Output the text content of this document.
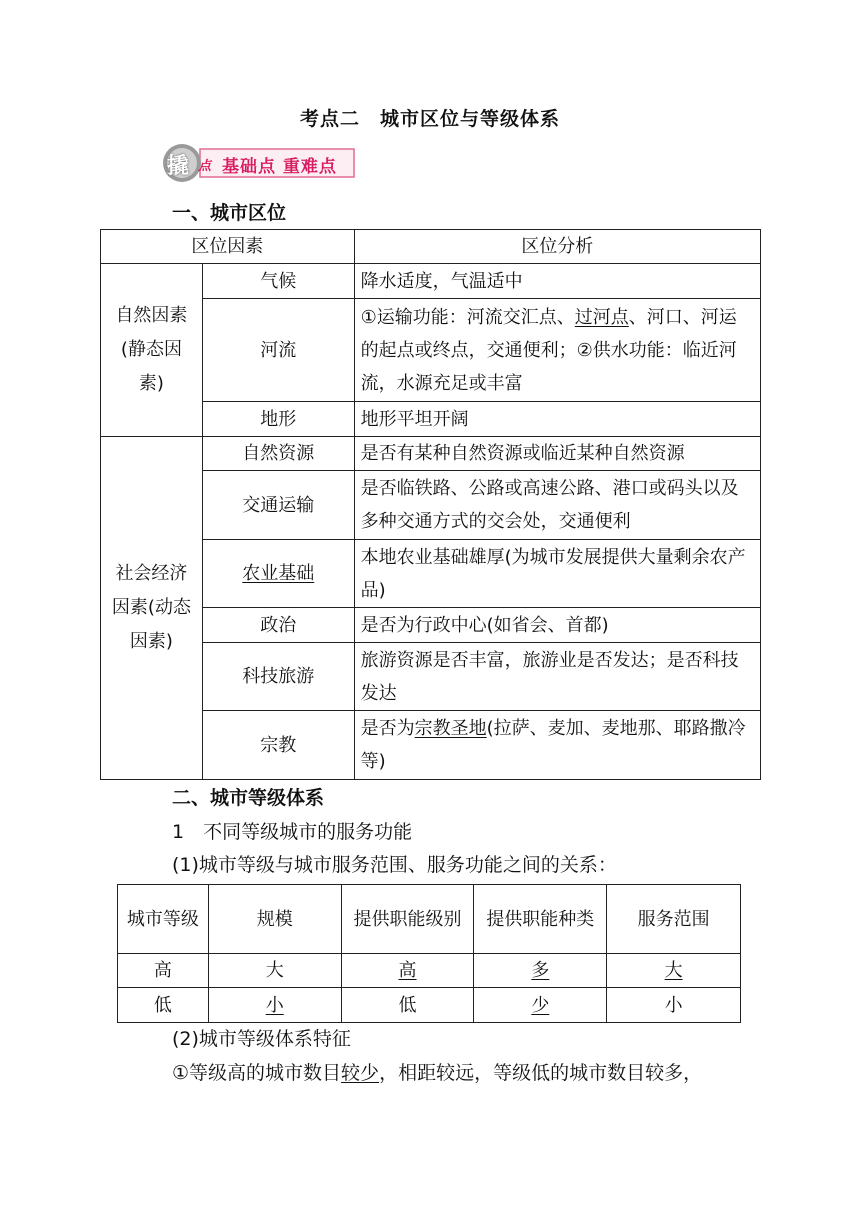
考点二　城市区位与等级体系
撬 点 基础点 重难点
一、城市区位
区位因素		区位分析
自然因素(静态因素)	气候	降水适度，气温适中
	河流	①运输功能：河流交汇点、过河点、河口、河运的起点或终点，交通便利；②供水功能：临近河流，水源充足或丰富
	地形	地形平坦开阔
社会经济因素(动态因素)	自然资源	是否有某种自然资源或临近某种自然资源
	交通运输	是否临铁路、公路或高速公路、港口或码头以及多种交通方式的交会处，交通便利
	农业基础	本地农业基础雄厚(为城市发展提供大量剩余农产品)
	政治	是否为行政中心(如省会、首都)
	科技旅游	旅游资源是否丰富，旅游业是否发达；是否科技发达
	宗教	是否为宗教圣地(拉萨、麦加、麦地那、耶路撒冷等)
二、城市等级体系
1　不同等级城市的服务功能
(1)城市等级与城市服务范围、服务功能之间的关系：
城市等级	规模	提供职能级别	提供职能种类	服务范围
高	大	高	多	大
低	小	低	少	小
(2)城市等级体系特征
①等级高的城市数目较少，相距较远，等级低的城市数目较多，
